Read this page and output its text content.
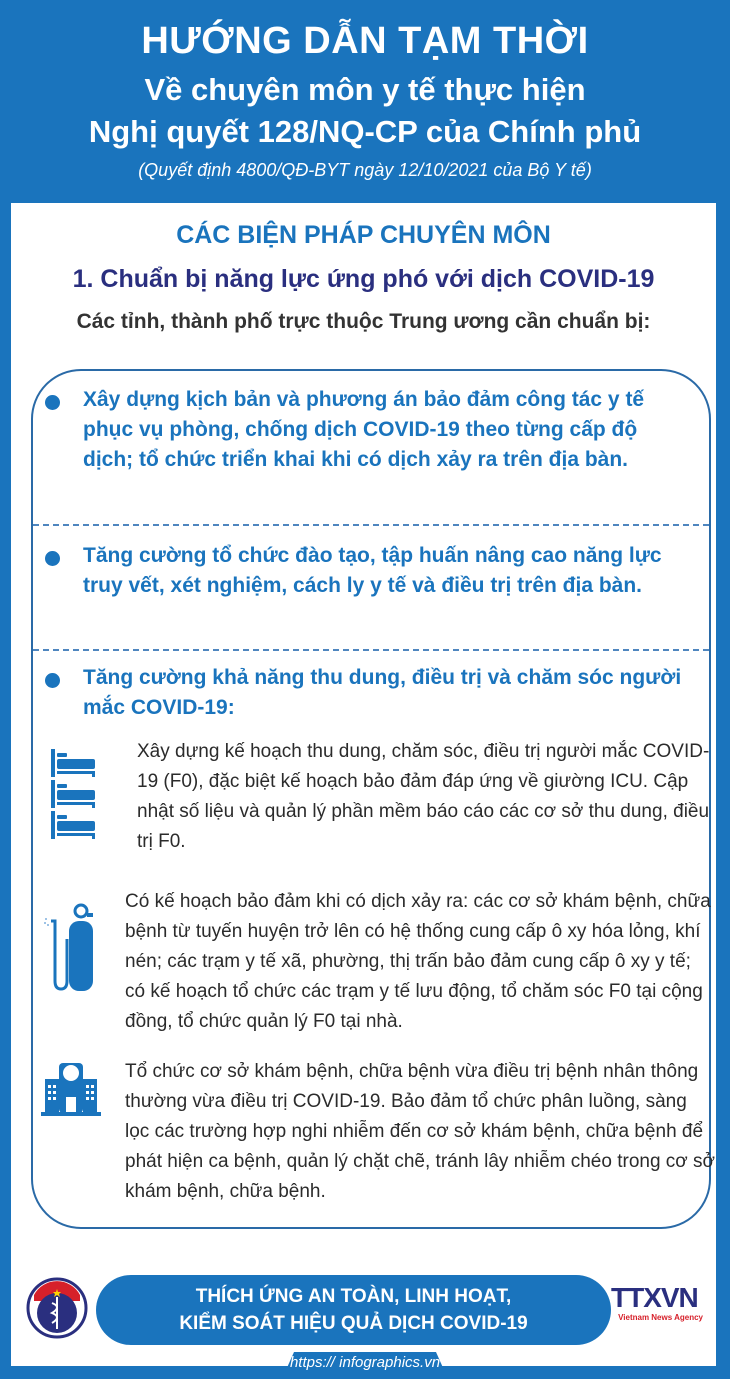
HƯỚNG DẪN TẠM THỜI
Về chuyên môn y tế thực hiện
Nghị quyết 128/NQ-CP của Chính phủ
(Quyết định 4800/QĐ-BYT ngày 12/10/2021 của Bộ Y tế)
CÁC BIỆN PHÁP CHUYÊN MÔN
1. Chuẩn bị năng lực ứng phó với dịch COVID-19
Các tỉnh, thành phố trực thuộc Trung ương cần chuẩn bị:
Xây dựng kịch bản và phương án bảo đảm công tác y tế phục vụ phòng, chống dịch COVID-19 theo từng cấp độ dịch; tổ chức triển khai khi có dịch xảy ra trên địa bàn.
Tăng cường tổ chức đào tạo, tập huấn nâng cao năng lực truy vết, xét nghiệm, cách ly y tế và điều trị trên địa bàn.
Tăng cường khả năng thu dung, điều trị và chăm sóc người mắc COVID-19:
Xây dựng kế hoạch thu dung, chăm sóc, điều trị người mắc COVID-19 (F0), đặc biệt kế hoạch bảo đảm đáp ứng về giường ICU. Cập nhật số liệu và quản lý phần mềm báo cáo các cơ sở thu dung, điều trị F0.
Có kế hoạch bảo đảm khi có dịch xảy ra: các cơ sở khám bệnh, chữa bệnh từ tuyến huyện trở lên có hệ thống cung cấp ô xy hóa lỏng, khí nén; các trạm y tế xã, phường, thị trấn bảo đảm cung cấp ô xy y tế; có kế hoạch tổ chức các trạm y tế lưu động, tổ chăm sóc F0 tại cộng đồng, tổ chức quản lý F0 tại nhà.
Tổ chức cơ sở khám bệnh, chữa bệnh vừa điều trị bệnh nhân thông thường vừa điều trị COVID-19. Bảo đảm tổ chức phân luồng, sàng lọc các trường hợp nghi nhiễm đến cơ sở khám bệnh, chữa bệnh để phát hiện ca bệnh, quản lý chặt chẽ, tránh lây nhiễm chéo trong cơ sở khám bệnh, chữa bệnh.
THÍCH ỨNG AN TOÀN, LINH HOẠT,
KIỂM SOÁT HIỆU QUẢ DỊCH COVID-19
TTXVN
Vietnam News Agency
https:// infographics.vn
